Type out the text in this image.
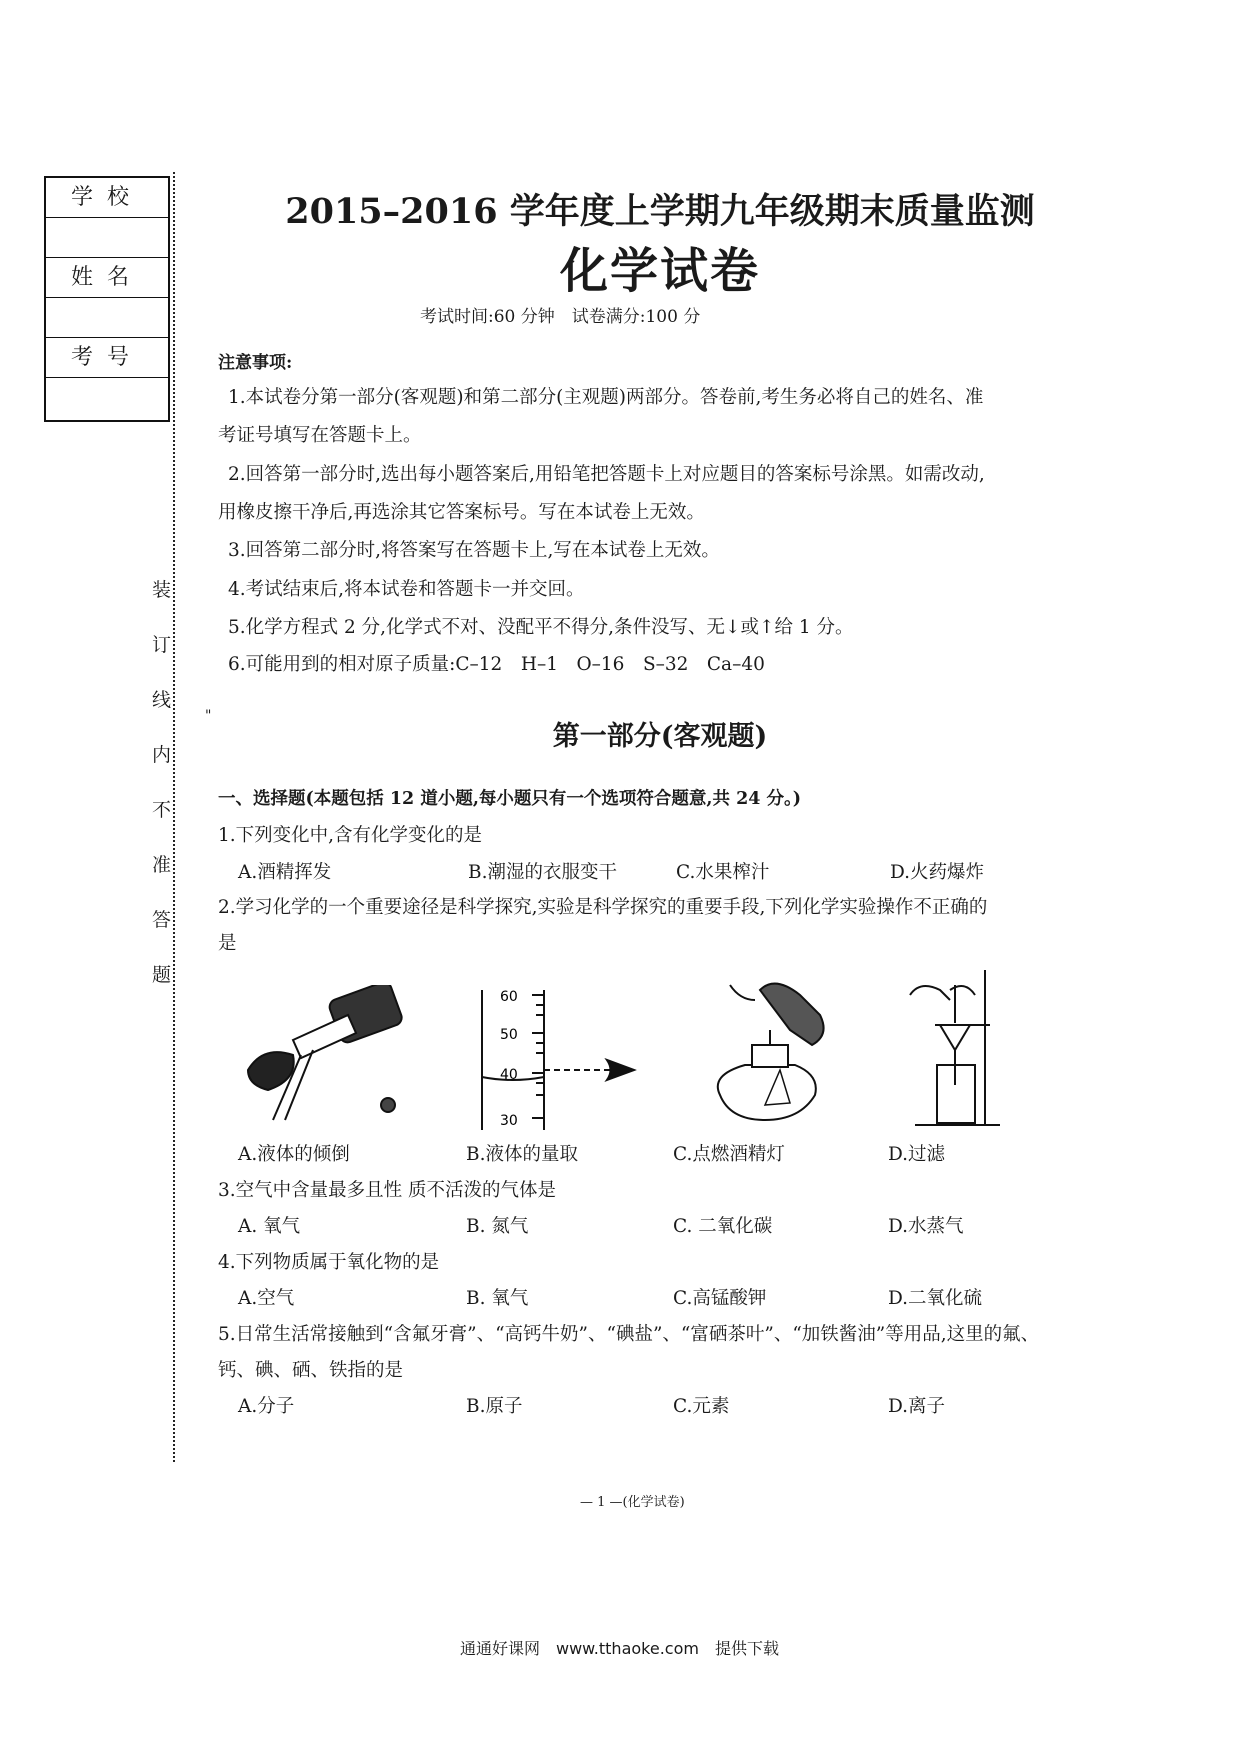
学校
姓名
考号
装
订
线
内
不
准
答
题
2015–2016 学年度上学期九年级期末质量监测
化学试卷
考试时间:60 分钟　试卷满分:100 分
注意事项:
1.本试卷分第一部分(客观题)和第二部分(主观题)两部分。答卷前,考生务必将自己的姓名、准
考证号填写在答题卡上。
2.回答第一部分时,选出每小题答案后,用铅笔把答题卡上对应题目的答案标号涂黑。如需改动,
用橡皮擦干净后,再选涂其它答案标号。写在本试卷上无效。
3.回答第二部分时,将答案写在答题卡上,写在本试卷上无效。
4.考试结束后,将本试卷和答题卡一并交回。
5.化学方程式 2 分,化学式不对、没配平不得分,条件没写、无↓或↑给 1 分。
6.可能用到的相对原子质量:C–12　H–1　O–16　S–32　Ca–40
"
第一部分(客观题)
一、选择题(本题包括 12 道小题,每小题只有一个选项符合题意,共 24 分。)
1.下列变化中,含有化学变化的是
A.酒精挥发	B.潮湿的衣服变干	C.水果榨汁	D.火药爆炸
2.学习化学的一个重要途径是科学探究,实验是科学探究的重要手段,下列化学实验操作不正确的
是
60
50
40
30
A.液体的倾倒	B.液体的量取	C.点燃酒精灯	D.过滤
3.空气中含量最多且性 质不活泼的气体是
A. 氧气	B. 氮气	C. 二氧化碳	D.水蒸气
4.下列物质属于氧化物的是
A.空气	B. 氧气	C.高锰酸钾	D.二氧化硫
5.日常生活常接触到“含氟牙膏”、“高钙牛奶”、“碘盐”、“富硒茶叶”、“加铁酱油”等用品,这里的氟、
钙、碘、硒、铁指的是
A.分子	B.原子	C.元素	D.离子
— 1 —(化学试卷)
通通好课网　www.tthaoke.com　提供下载
